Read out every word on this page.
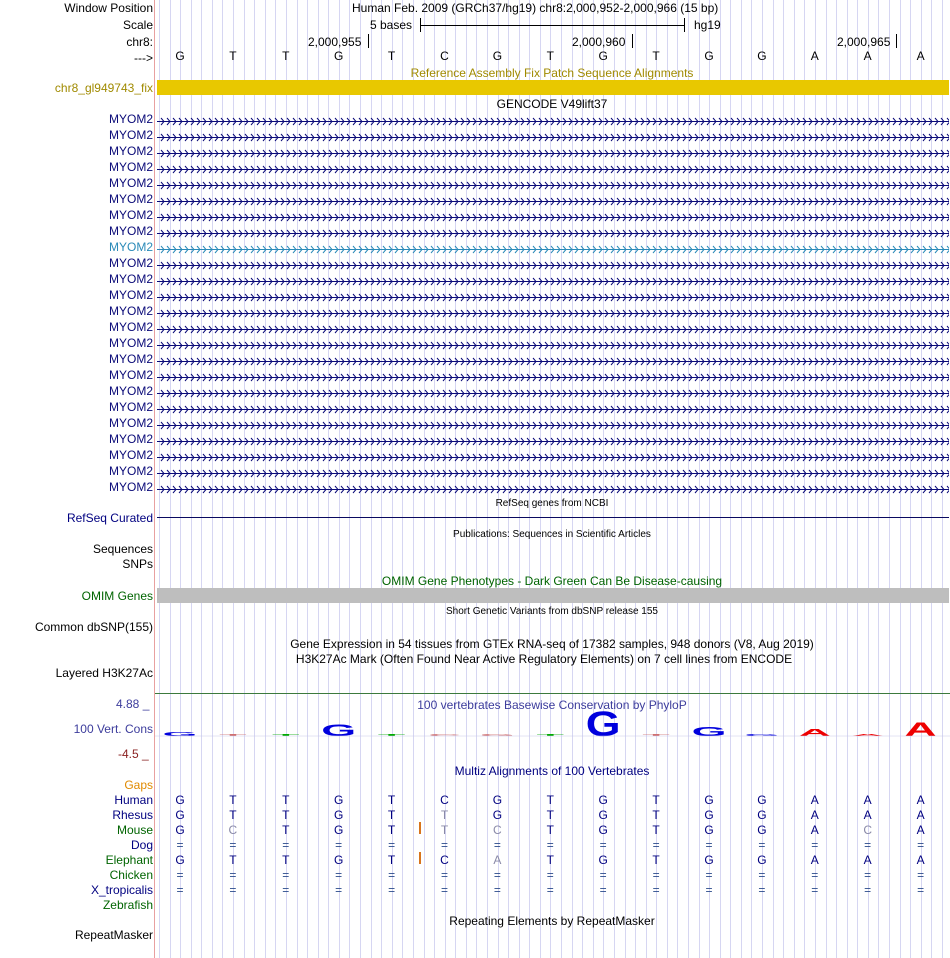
Window Position	Human Feb. 2009 (GRCh37/hg19) chr8:2,000,952-2,000,966 (15 bp)
Scale	5 bases	hg19
chr8:	2,000,955	2,000,960	2,000,965
--->	G	T	T	G	T	C	G	T	G	T	G	G	A	A	A
Reference Assembly Fix Patch Sequence Alignments
chr8_gl949743_fix
GENCODE V49lift37
MYOM2
MYOM2
MYOM2
MYOM2
MYOM2
MYOM2
MYOM2
MYOM2
MYOM2
MYOM2
MYOM2
MYOM2
MYOM2
MYOM2
MYOM2
MYOM2
MYOM2
MYOM2
MYOM2
MYOM2
MYOM2
MYOM2
MYOM2
MYOM2
RefSeq genes from NCBI
RefSeq Curated
Publications: Sequences in Scientific Articles
Sequences
SNPs
OMIM Gene Phenotypes - Dark Green Can Be Disease-causing
OMIM Genes
Short Genetic Variants from dbSNP release 155
Common dbSNP(155)
Gene Expression in 54 tissues from GTEx RNA-seq of 17382 samples, 948 donors (V8, Aug 2019)
H3K27Ac Mark (Often Found Near Active Regulatory Elements) on 7 cell lines from ENCODE
Layered H3K27Ac
4.88 _	100 vertebrates Basewise Conservation by PhyloP
100 Vert. Cons
-4.5 _
G T T G T C G T G T G G A A A
Multiz Alignments of 100 Vertebrates
Gaps
Human	G	T	T	G	T	C	G	T	G	T	G	G	A	A	A
Rhesus	G	T	T	G	T	T	G	T	G	T	G	G	A	A	A
Mouse	G	C	T	G	T	T	C	T	G	T	G	G	A	C	A
Dog	=	=	=	=	=	=	=	=	=	=	=	=	=	=	=
Elephant	G	T	T	G	T	C	A	T	G	T	G	G	A	A	A
Chicken	=	=	=	=	=	=	=	=	=	=	=	=	=	=	=
X_tropicalis	=	=	=	=	=	=	=	=	=	=	=	=	=	=	=
Zebrafish
Repeating Elements by RepeatMasker
RepeatMasker
